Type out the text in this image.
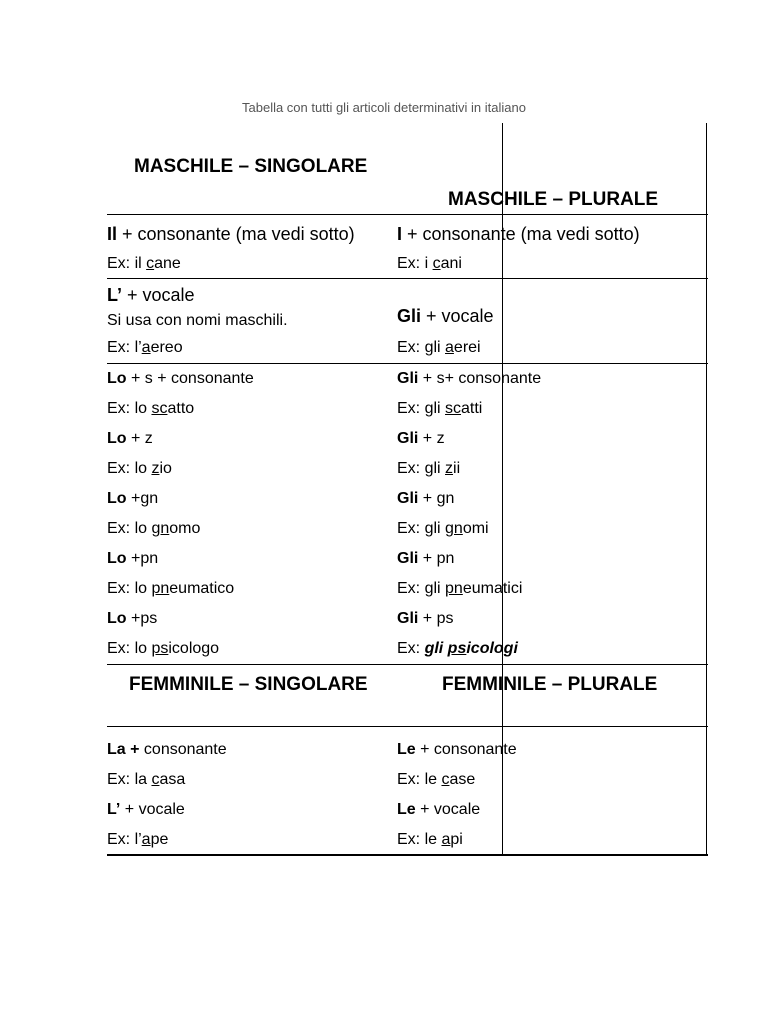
Tabella con tutti gli articoli determinativi in italiano
MASCHILE – SINGOLARE
MASCHILE – PLURALE
Il + consonante (ma vedi sotto)
Ex: il cane
I + consonante (ma vedi sotto)
Ex: i cani
L’ + vocale
Si usa con nomi maschili.
Ex: l’aereo
Gli + vocale
Ex: gli aerei
Lo + s + consonante
Ex: lo scatto
Lo + z
Ex: lo zio
Lo +gn
Ex: lo gnomo
Lo +pn
Ex: lo pneumatico
Lo +ps
Ex: lo psicologo
Gli + s+ consonante
Ex: gli scatti
Gli + z
Ex: gli zii
Gli + gn
Ex: gli gnomi
Gli + pn
Ex: gli pneumatici
Gli + ps
Ex: gli psicologi
FEMMINILE – SINGOLARE	FEMMINILE – PLURALE
La + consonante
Ex: la casa
L’ + vocale
Ex: l’ape
Le + consonante
Ex: le case
Le + vocale
Ex: le api
